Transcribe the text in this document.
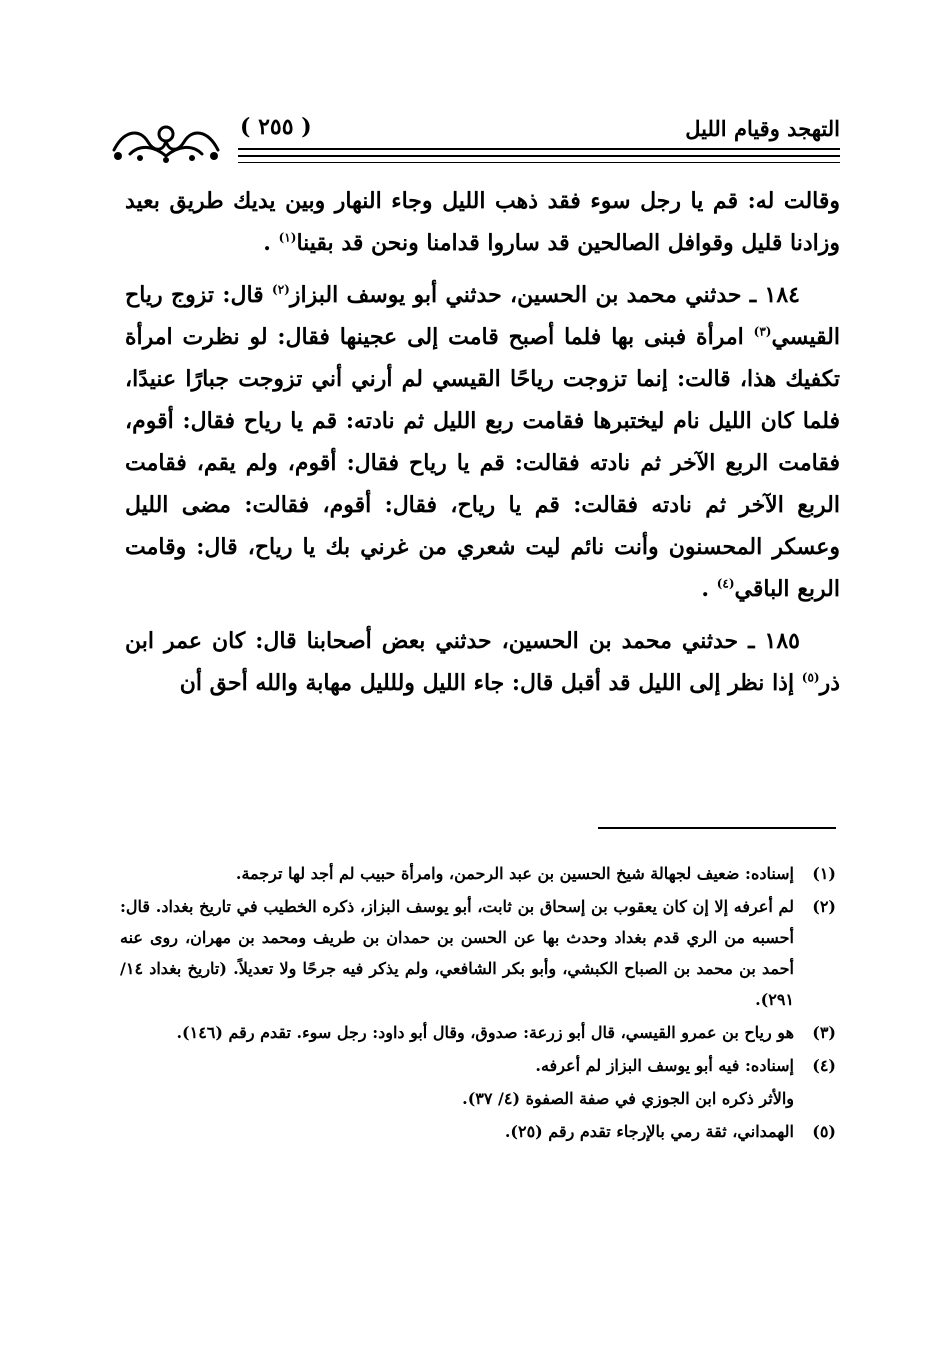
التهجد وقيام الليل
( ٢٥٥ )

وقالت له: قم يا رجل سوء فقد ذهب الليل وجاء النهار وبين يديك طريق بعيد وزادنا قليل وقوافل الصالحين قد ساروا قدامنا ونحن قد بقينا$^{(١)}$ .

١٨٤ ـ حدثني محمد بن الحسين، حدثني أبو يوسف البزاز$^{(٢)}$ قال: تزوج رياح القيسي$^{(٣)}$ امرأة فبنى بها فلما أصبح قامت إلى عجينها فقال: لو نظرت امرأة تكفيك هذا، قالت: إنما تزوجت رياحًا القيسي لم أرني أني تزوجت جبارًا عنيدًا، فلما كان الليل نام ليختبرها فقامت ربع الليل ثم نادته: قم يا رياح فقال: أقوم، فقامت الربع الآخر ثم نادته فقالت: قم يا رياح فقال: أقوم، ولم يقم، فقامت الربع الآخر ثم نادته فقالت: قم يا رياح، فقال: أقوم، فقالت: مضى الليل وعسكر المحسنون وأنت نائم ليت شعري من غرني بك يا رياح، قال: وقامت الربع الباقي$^{(٤)}$ .

١٨٥ ـ حدثني محمد بن الحسين، حدثني بعض أصحابنا قال: كان عمر ابن ذر$^{(٥)}$ إذا نظر إلى الليل قد أقبل قال: جاء الليل وللليل مهابة والله أحق أن

(١)
إسناده: ضعيف لجهالة شيخ الحسين بن عبد الرحمن، وامرأة حبيب لم أجد لها ترجمة.
(٢)
لم أعرفه إلا إن كان يعقوب بن إسحاق بن ثابت، أبو يوسف البزاز، ذكره الخطيب في تاريخ بغداد. قال: أحسبه من الري قدم بغداد وحدث بها عن الحسن بن حمدان بن طريف ومحمد بن مهران، روى عنه أحمد بن محمد بن الصباح الكبشي، وأبو بكر الشافعي، ولم يذكر فيه جرحًا ولا تعديلاً. (تاريخ بغداد ١٤/ ٢٩١).
(٣)
هو رياح بن عمرو القيسي، قال أبو زرعة: صدوق، وقال أبو داود: رجل سوء. تقدم رقم (١٤٦).
(٤)
إسناده: فيه أبو يوسف البزاز لم أعرفه.
والأثر ذكره ابن الجوزي في صفة الصفوة (٤/ ٣٧).
(٥)
الهمداني، ثقة رمي بالإرجاء تقدم رقم (٢٥).
